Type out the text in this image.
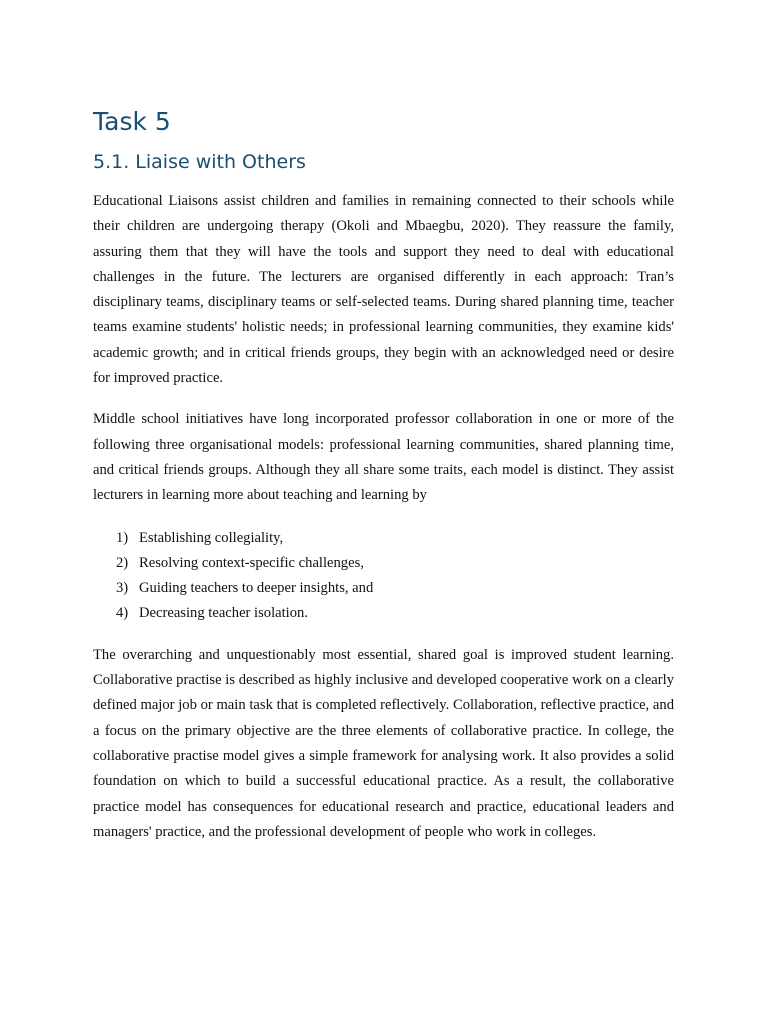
Task 5
5.1. Liaise with Others

Educational Liaisons assist children and families in remaining connected to their schools while their children are undergoing therapy (Okoli and Mbaegbu, 2020). They reassure the family, assuring them that they will have the tools and support they need to deal with educational challenges in the future. The lecturers are organised differently in each approach: Tran’s disciplinary teams, disciplinary teams or self-selected teams. During shared planning time, teacher teams examine students' holistic needs; in professional learning communities, they examine kids' academic growth; and in critical friends groups, they begin with an acknowledged need or desire for improved practice.

Middle school initiatives have long incorporated professor collaboration in one or more of the following three organisational models: professional learning communities, shared planning time, and critical friends groups. Although they all share some traits, each model is distinct. They assist lecturers in learning more about teaching and learning by

1) Establishing collegiality,
2) Resolving context-specific challenges,
3) Guiding teachers to deeper insights, and
4) Decreasing teacher isolation.

The overarching and unquestionably most essential, shared goal is improved student learning. Collaborative practise is described as highly inclusive and developed cooperative work on a clearly defined major job or main task that is completed reflectively. Collaboration, reflective practice, and a focus on the primary objective are the three elements of collaborative practice. In college, the collaborative practise model gives a simple framework for analysing work. It also provides a solid foundation on which to build a successful educational practice. As a result, the collaborative practice model has consequences for educational research and practice, educational leaders and managers' practice, and the professional development of people who work in colleges.
